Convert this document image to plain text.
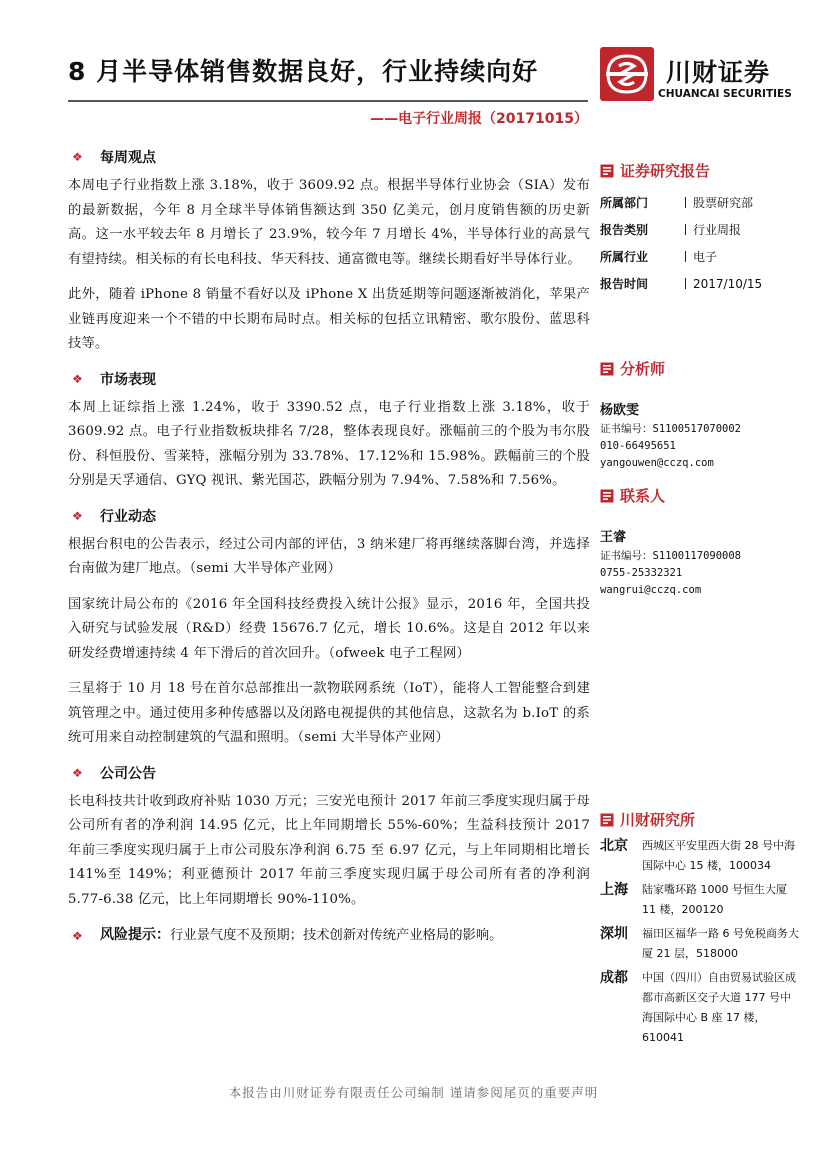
8 月半导体销售数据良好，行业持续向好
——电子行业周报（20171015）
川财证券
CHUANCAI SECURITIES
❖ 每周观点

本周电子行业指数上涨 3.18%，收于 3609.92 点。根据半导体行业协会（SIA）发布的最新数据，今年 8 月全球半导体销售额达到 350 亿美元，创月度销售额的历史新高。这一水平较去年 8 月增长了 23.9%，较今年 7 月增长 4%，半导体行业的高景气有望持续。相关标的有长电科技、华天科技、通富微电等。继续长期看好半导体行业。

此外，随着 iPhone 8 销量不看好以及 iPhone X 出货延期等问题逐渐被消化，苹果产业链再度迎来一个不错的中长期布局时点。相关标的包括立讯精密、歌尔股份、蓝思科技等。

❖ 市场表现

本周上证综指上涨 1.24%，收于 3390.52 点，电子行业指数上涨 3.18%，收于 3609.92 点。电子行业指数板块排名 7/28，整体表现良好。涨幅前三的个股为韦尔股份、科恒股份、雪莱特，涨幅分别为 33.78%、17.12%和 15.98%。跌幅前三的个股分别是天孚通信、GYQ 视讯、紫光国芯，跌幅分别为 7.94%、7.58%和 7.56%。

❖ 行业动态

根据台积电的公告表示，经过公司内部的评估，3 纳米建厂将再继续落脚台湾，并选择台南做为建厂地点。（semi 大半导体产业网）

国家统计局公布的《2016 年全国科技经费投入统计公报》显示，2016 年，全国共投入研究与试验发展（R&D）经费 15676.7 亿元，增长 10.6%。这是自 2012 年以来研发经费增速持续 4 年下滑后的首次回升。（ofweek 电子工程网）

三星将于 10 月 18 号在首尔总部推出一款物联网系统（IoT），能将人工智能整合到建筑管理之中。通过使用多种传感器以及闭路电视提供的其他信息，这款名为 b.IoT 的系统可用来自动控制建筑的气温和照明。（semi 大半导体产业网）

❖ 公司公告

长电科技共计收到政府补贴 1030 万元；三安光电预计 2017 年前三季度实现归属于母公司所有者的净利润 14.95 亿元，比上年同期增长 55%-60%；生益科技预计 2017 年前三季度实现归属于上市公司股东净利润 6.75 至 6.97 亿元，与上年同期相比增长 141%至 149%；利亚德预计 2017 年前三季度实现归属于母公司所有者的净利润 5.77-6.38 亿元，比上年同期增长 90%-110%。

❖ 风险提示： 行业景气度不及预期；技术创新对传统产业格局的影响。
证券研究报告
所属部门	股票研究部
报告类别	行业周报
所属行业	电子
报告时间	2017/10/15
分析师
杨欧雯
证书编号：S1100517070002
010-66495651
yangouwen@cczq.com
联系人
王睿
证书编号：S1100117090008
0755-25332321
wangrui@cczq.com
川财研究所
北京	西城区平安里西大街 28 号中海国际中心 15 楼，100034
上海	陆家嘴环路 1000 号恒生大厦 11 楼，200120
深圳	福田区福华一路 6 号免税商务大厦 21 层，518000
成都	中国（四川）自由贸易试验区成都市高新区交子大道 177 号中海国际中心 B 座 17 楼，610041
本报告由川财证券有限责任公司编制 谨请参阅尾页的重要声明
